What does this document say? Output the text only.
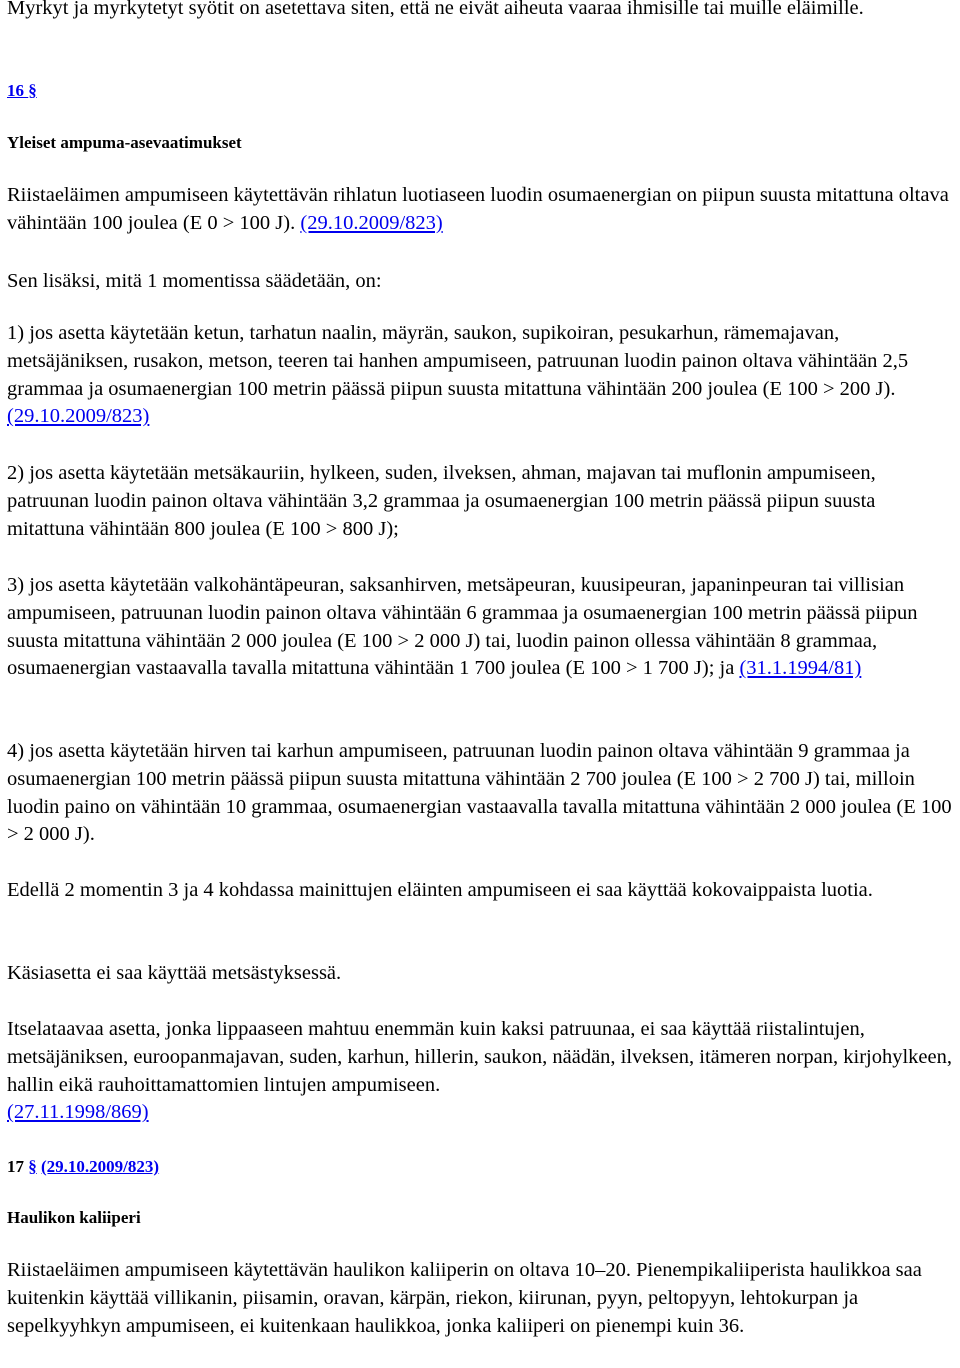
Myrkyt ja myrkytetyt syötit on asetettava siten, että ne eivät aiheuta vaaraa ihmisille tai muille eläimille.

16 §
Yleiset ampuma-asevaatimukset

Riistaeläimen ampumiseen käytettävän rihlatun luotiaseen luodin osumaenergian on piipun suusta mitattuna oltava vähintään 100 joulea (E 0 > 100 J). (29.10.2009/823)

Sen lisäksi, mitä 1 momentissa säädetään, on:

1) jos asetta käytetään ketun, tarhatun naalin, mäyrän, saukon, supikoiran, pesukarhun, rämemajavan, metsäjäniksen, rusakon, metson, teeren tai hanhen ampumiseen, patruunan luodin painon oltava vähintään 2,5 grammaa ja osumaenergian 100 metrin päässä piipun suusta mitattuna vähintään 200 joulea (E 100 > 200 J). (29.10.2009/823)

2) jos asetta käytetään metsäkauriin, hylkeen, suden, ilveksen, ahman, majavan tai muflonin ampumiseen, patruunan luodin painon oltava vähintään 3,2 grammaa ja osumaenergian 100 metrin päässä piipun suusta mitattuna vähintään 800 joulea (E 100 > 800 J);

3) jos asetta käytetään valkohäntäpeuran, saksanhirven, metsäpeuran, kuusipeuran, japaninpeuran tai villisian ampumiseen, patruunan luodin painon oltava vähintään 6 grammaa ja osumaenergian 100 metrin päässä piipun suusta mitattuna vähintään 2 000 joulea (E 100 > 2 000 J) tai, luodin painon ollessa vähintään 8 grammaa, osumaenergian vastaavalla tavalla mitattuna vähintään 1 700 joulea (E 100 > 1 700 J); ja (31.1.1994/81)

4) jos asetta käytetään hirven tai karhun ampumiseen, patruunan luodin painon oltava vähintään 9 grammaa ja osumaenergian 100 metrin päässä piipun suusta mitattuna vähintään 2 700 joulea (E 100 > 2 700 J) tai, milloin luodin paino on vähintään 10 grammaa, osumaenergian vastaavalla tavalla mitattuna vähintään 2 000 joulea (E 100 > 2 000 J).

Edellä 2 momentin 3 ja 4 kohdassa mainittujen eläinten ampumiseen ei saa käyttää kokovaippaista luotia.

Käsiasetta ei saa käyttää metsästyksessä.

Itselataavaa asetta, jonka lippaaseen mahtuu enemmän kuin kaksi patruunaa, ei saa käyttää riistalintujen, metsäjäniksen, euroopanmajavan, suden, karhun, hillerin, saukon, näädän, ilveksen, itämeren norpan, kirjohylkeen, hallin eikä rauhoittamattomien lintujen ampumiseen.
(27.11.1998/869)

17 § (29.10.2009/823)
Haulikon kaliiperi

Riistaeläimen ampumiseen käytettävän haulikon kaliiperin on oltava 10–20. Pienempikaliiperista haulikkoa saa kuitenkin käyttää villikanin, piisamin, oravan, kärpän, riekon, kiirunan, pyyn, peltopyyn, lehtokurpan ja sepelkyyhkyn ampumiseen, ei kuitenkaan haulikkoa, jonka kaliiperi on pienempi kuin 36.
